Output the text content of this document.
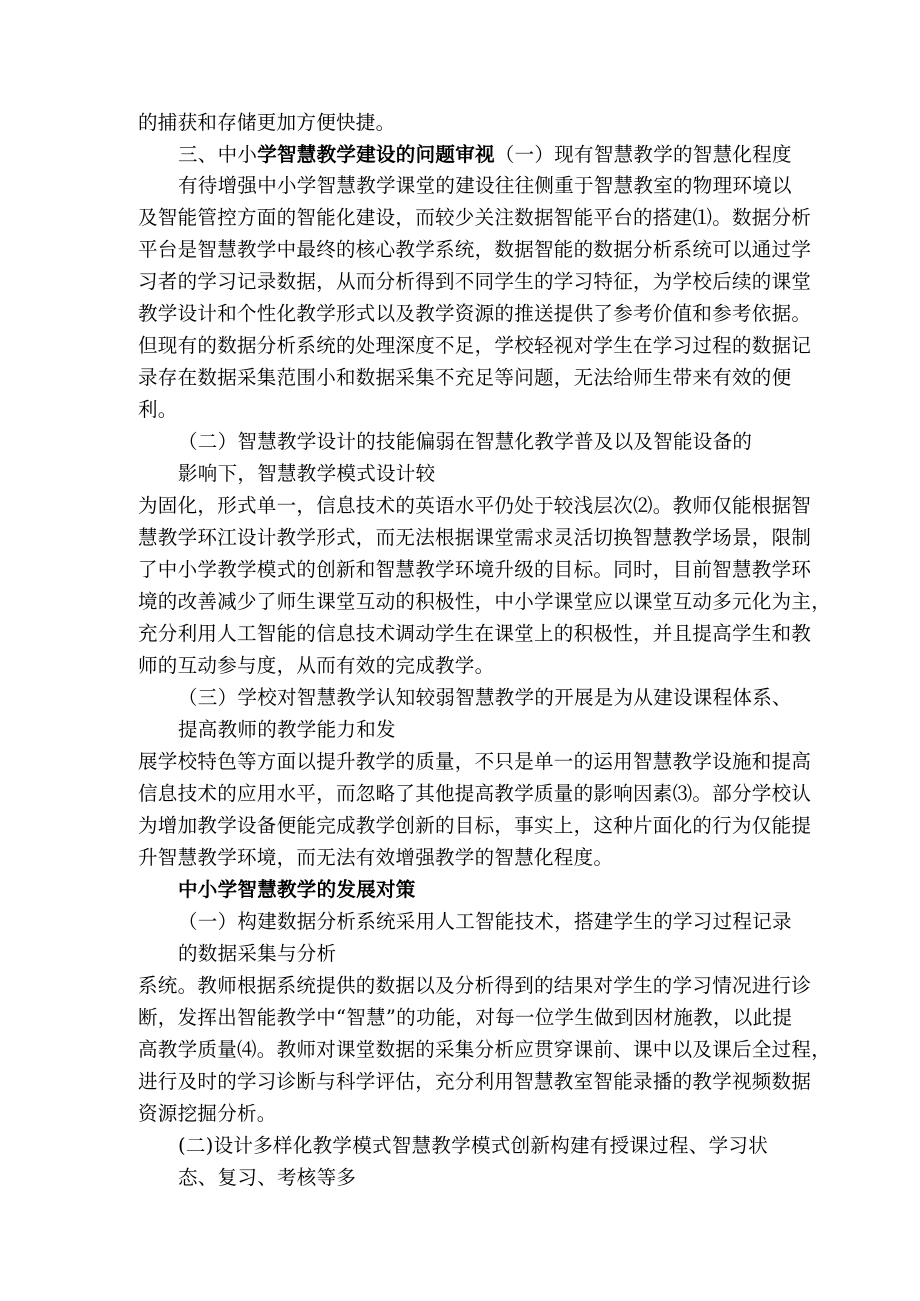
的捕获和存储更加方便快捷。
三、中小学智慧教学建设的问题审视（一）现有智慧教学的智慧化程度
有待增强中小学智慧教学课堂的建设往往侧重于智慧教室的物理环境以
及智能管控方面的智能化建设，而较少关注数据智能平台的搭建⑴。数据分析
平台是智慧教学中最终的核心教学系统，数据智能的数据分析系统可以通过学
习者的学习记录数据，从而分析得到不同学生的学习特征，为学校后续的课堂
教学设计和个性化教学形式以及教学资源的推送提供了参考价值和参考依据。
但现有的数据分析系统的处理深度不足，学校轻视对学生在学习过程的数据记
录存在数据采集范围小和数据采集不充足等问题，无法给师生带来有效的便
利。
（二）智慧教学设计的技能偏弱在智慧化教学普及以及智能设备的
影响下，智慧教学模式设计较
为固化，形式单一，信息技术的英语水平仍处于较浅层次⑵。教师仅能根据智
慧教学环江设计教学形式，而无法根据课堂需求灵活切换智慧教学场景，限制
了中小学教学模式的创新和智慧教学环境升级的目标。同时，目前智慧教学环
境的改善减少了师生课堂互动的积极性，中小学课堂应以课堂互动多元化为主，
充分利用人工智能的信息技术调动学生在课堂上的积极性，并且提高学生和教
师的互动参与度，从而有效的完成教学。
（三）学校对智慧教学认知较弱智慧教学的开展是为从建设课程体系、
提高教师的教学能力和发
展学校特色等方面以提升教学的质量，不只是单一的运用智慧教学设施和提高
信息技术的应用水平，而忽略了其他提高教学质量的影响因素⑶。部分学校认
为增加教学设备便能完成教学创新的目标，事实上，这种片面化的行为仅能提
升智慧教学环境，而无法有效增强教学的智慧化程度。
中小学智慧教学的发展对策
（一）构建数据分析系统采用人工智能技术，搭建学生的学习过程记录
的数据采集与分析
系统。教师根据系统提供的数据以及分析得到的结果对学生的学习情况进行诊
断，发挥出智能教学中“智慧”的功能，对每一位学生做到因材施教，以此提
高教学质量⑷。教师对课堂数据的采集分析应贯穿课前、课中以及课后全过程，
进行及时的学习诊断与科学评估，充分利用智慧教室智能录播的教学视频数据
资源挖掘分析。
(二)设计多样化教学模式智慧教学模式创新构建有授课过程、学习状
态、复习、考核等多
